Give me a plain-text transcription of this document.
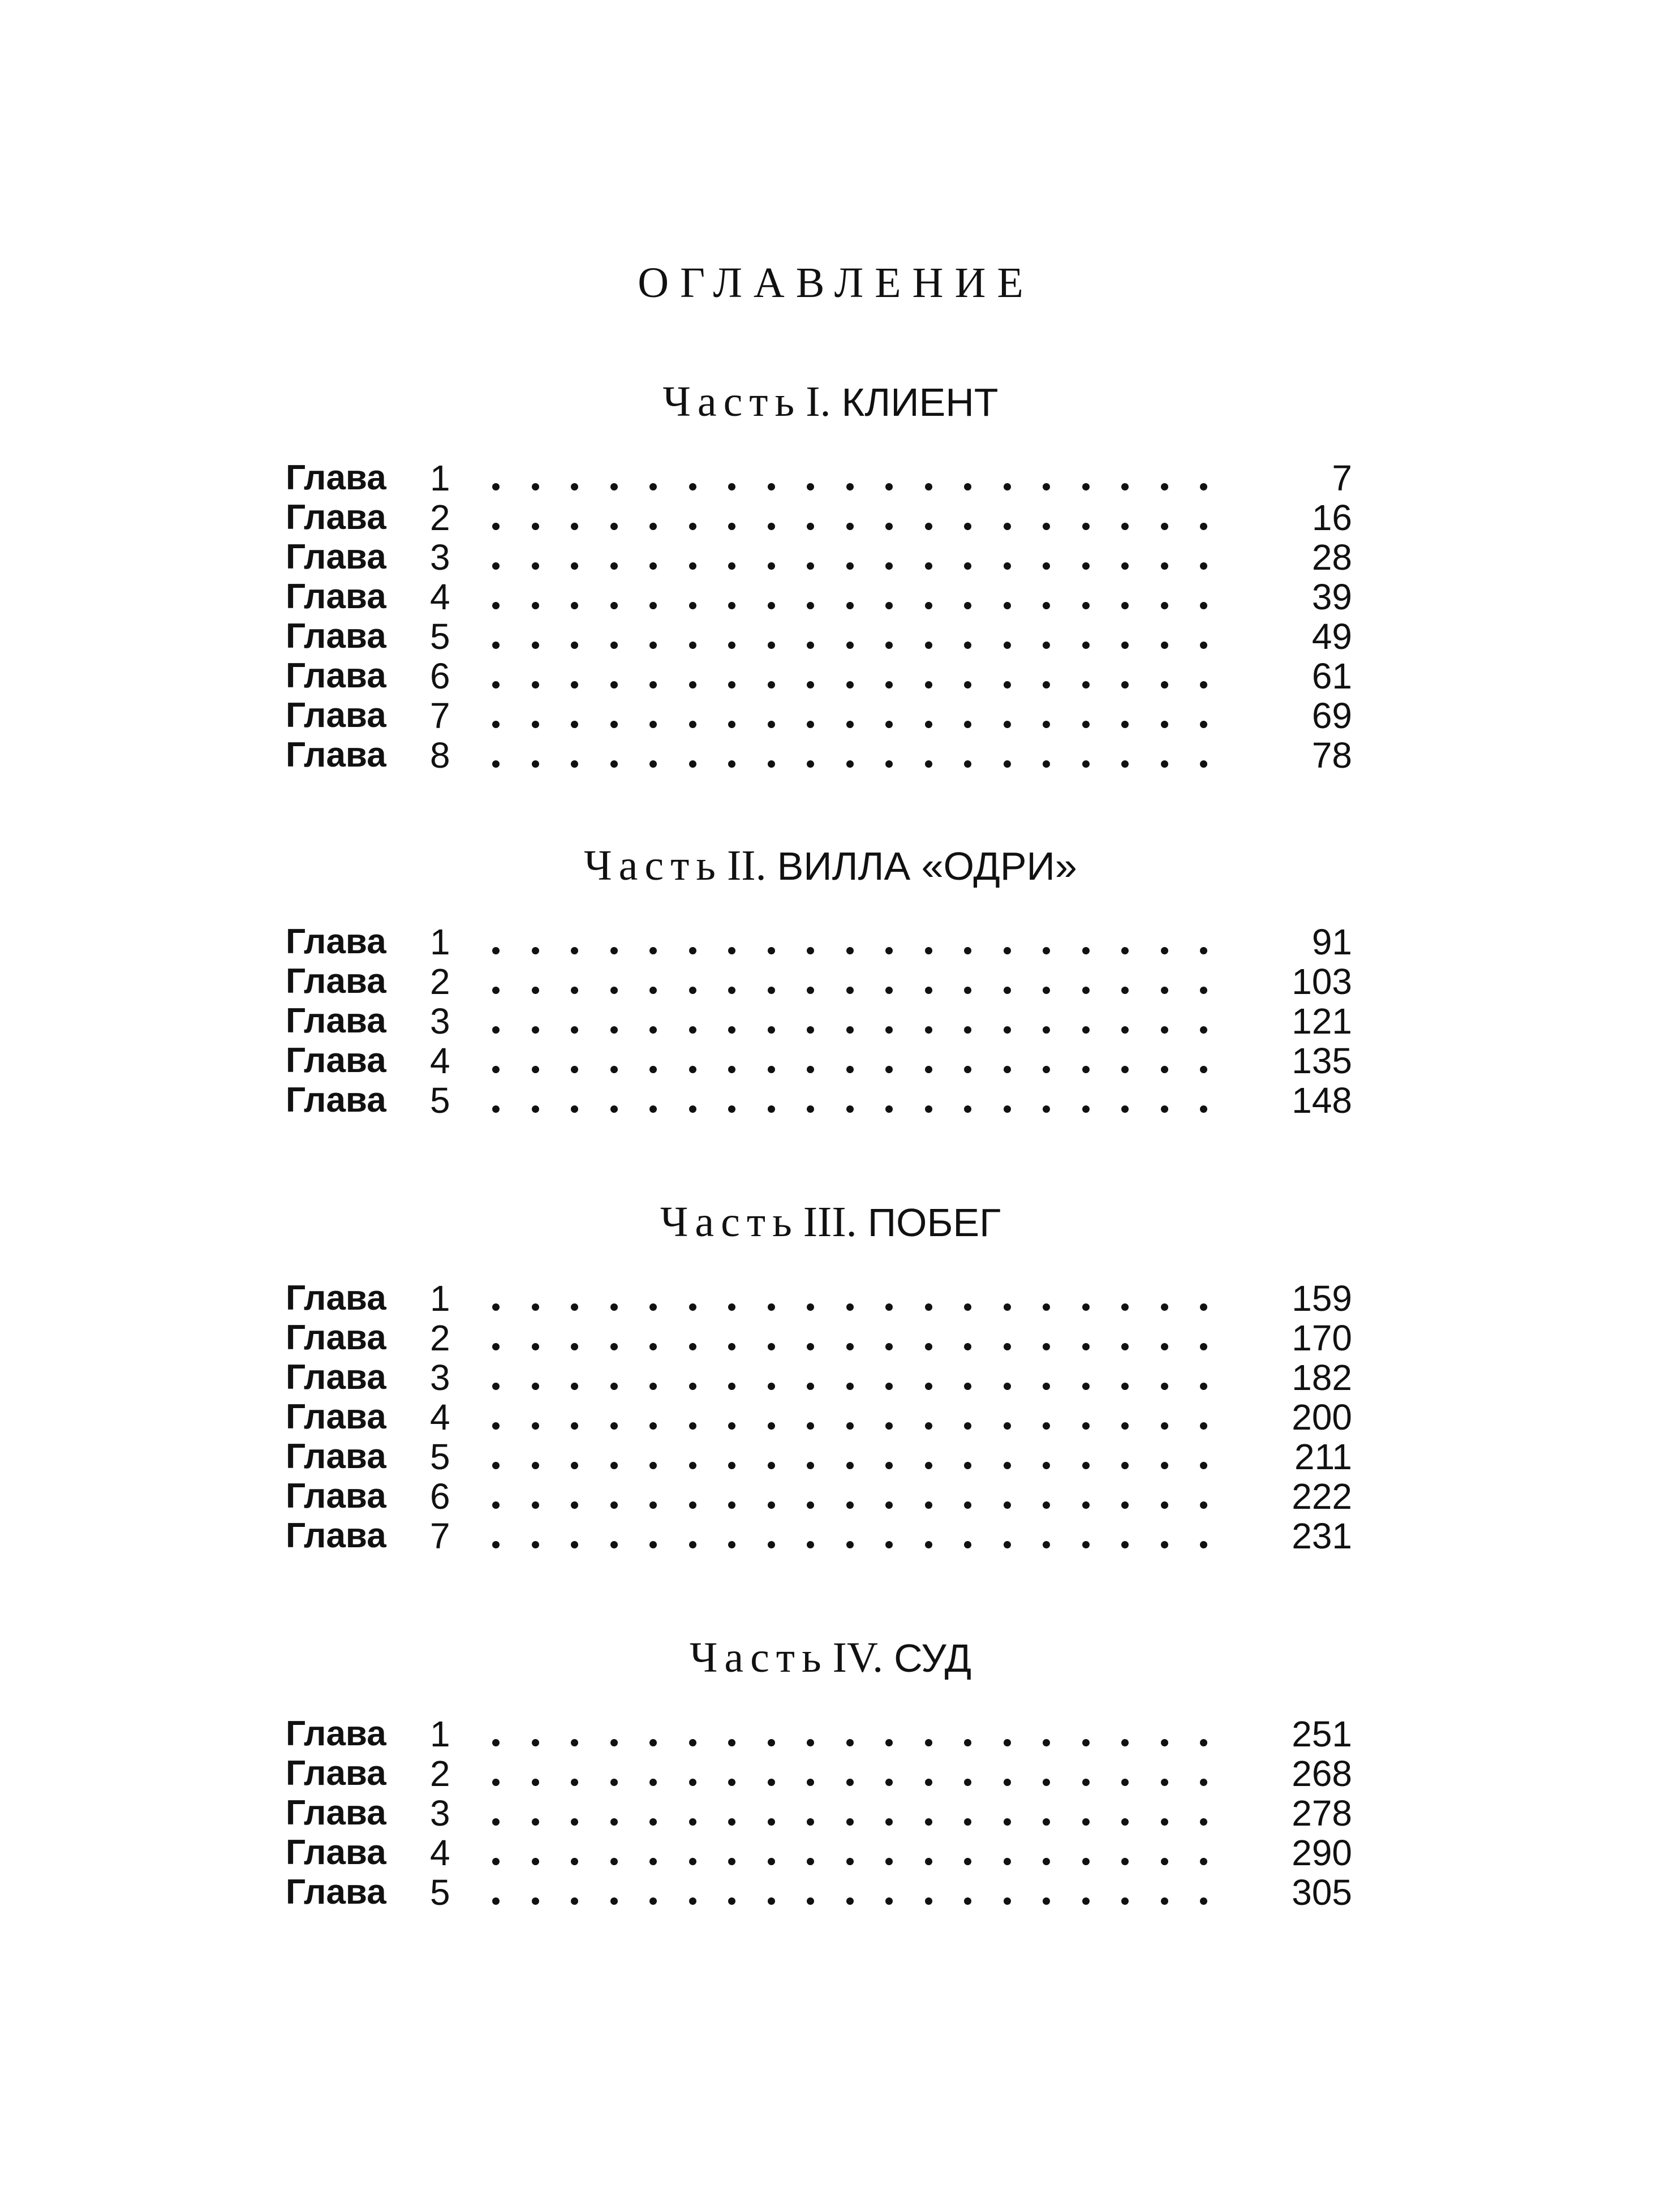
ОГЛАВЛЕНИЕ
Часть I. КЛИЕНТ
Глава 1	7
Глава 2	16
Глава 3	28
Глава 4	39
Глава 5	49
Глава 6	61
Глава 7	69
Глава 8	78
Часть II. ВИЛЛА «ОДРИ»
Глава 1	91
Глава 2	103
Глава 3	121
Глава 4	135
Глава 5	148
Часть III. ПОБЕГ
Глава 1	159
Глава 2	170
Глава 3	182
Глава 4	200
Глава 5	211
Глава 6	222
Глава 7	231
Часть IV. СУД
Глава 1	251
Глава 2	268
Глава 3	278
Глава 4	290
Глава 5	305
